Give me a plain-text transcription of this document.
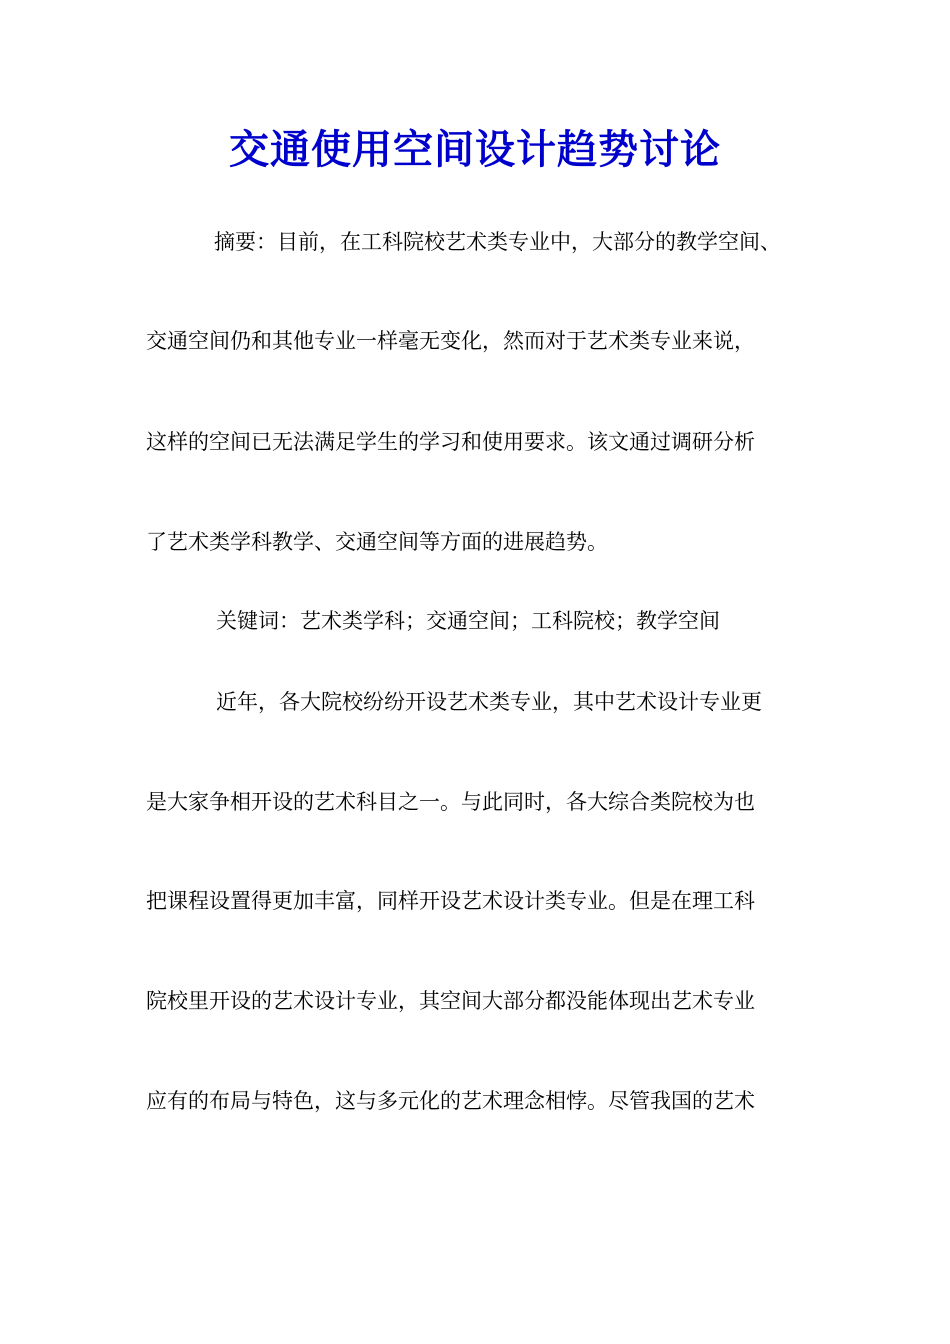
交通使用空间设计趋势讨论

摘要：目前，在工科院校艺术类专业中，大部分的教学空间、

交通空间仍和其他专业一样毫无变化，然而对于艺术类专业来说，

这样的空间已无法满足学生的学习和使用要求。该文通过调研分析

了艺术类学科教学、交通空间等方面的进展趋势。

关键词：艺术类学科；交通空间；工科院校；教学空间

近年，各大院校纷纷开设艺术类专业，其中艺术设计专业更

是大家争相开设的艺术科目之一。与此同时，各大综合类院校为也

把课程设置得更加丰富，同样开设艺术设计类专业。但是在理工科

院校里开设的艺术设计专业，其空间大部分都没能体现出艺术专业

应有的布局与特色，这与多元化的艺术理念相悖。尽管我国的艺术
